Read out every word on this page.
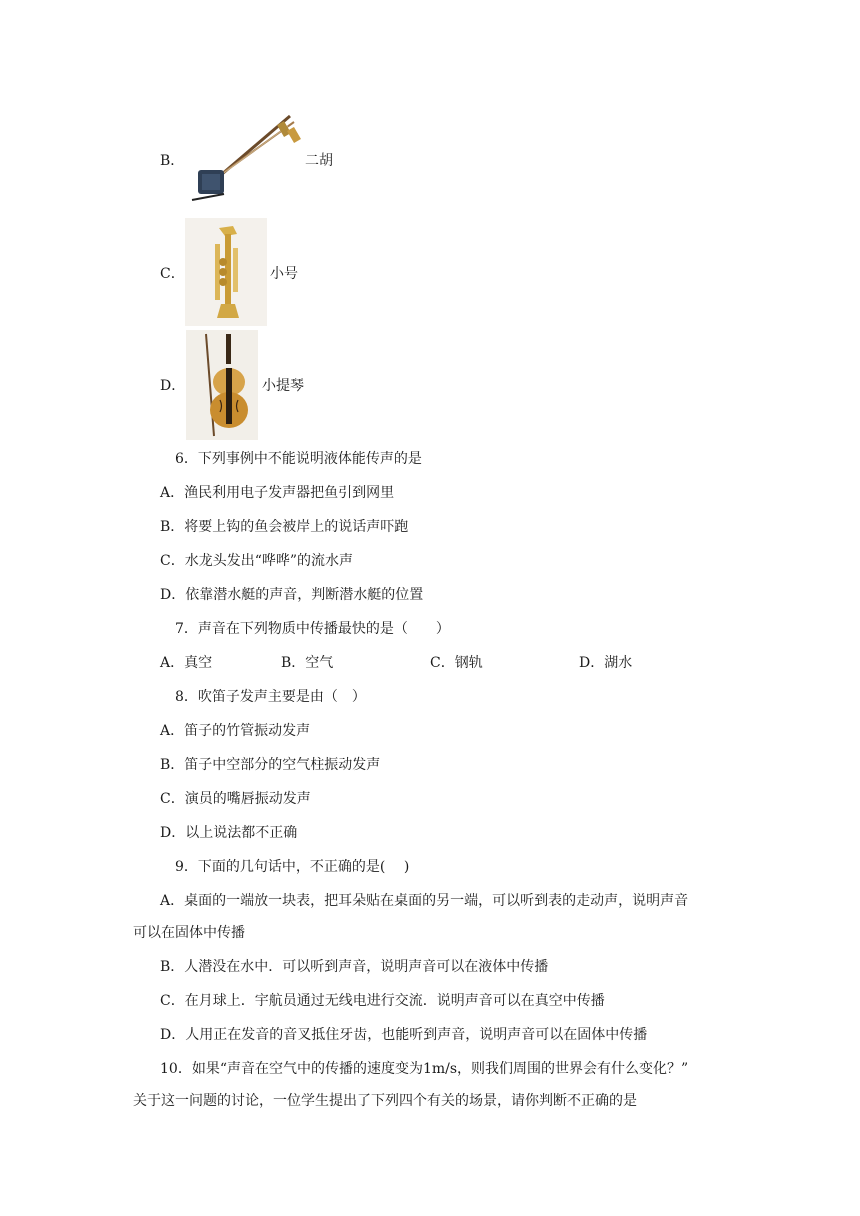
B．	二胡
C．	小号
D．	小提琴
6．下列事例中不能说明液体能传声的是
A．渔民利用电子发声器把鱼引到网里
B．将要上钩的鱼会被岸上的说话声吓跑
C．水龙头发出“哗哗”的流水声
D．依靠潜水艇的声音，判断潜水艇的位置
7．声音在下列物质中传播最快的是（　　）
A．真空	B．空气	C．钢轨	D．湖水
8．吹笛子发声主要是由（　）
A．笛子的竹管振动发声
B．笛子中空部分的空气柱振动发声
C．演员的嘴唇振动发声
D．以上说法都不正确
9．下面的几句话中，不正确的是(　 )
A．桌面的一端放一块表，把耳朵贴在桌面的另一端，可以听到表的走动声，说明声音
可以在固体中传播
B．人潜没在水中．可以听到声音，说明声音可以在液体中传播
C．在月球上．宇航员通过无线电进行交流．说明声音可以在真空中传播
D．人用正在发音的音叉抵住牙齿，也能听到声音，说明声音可以在固体中传播
10．如果“声音在空气中的传播的速度变为1m/s，则我们周围的世界会有什么变化？”
关于这一问题的讨论，一位学生提出了下列四个有关的场景，请你判断不正确的是
